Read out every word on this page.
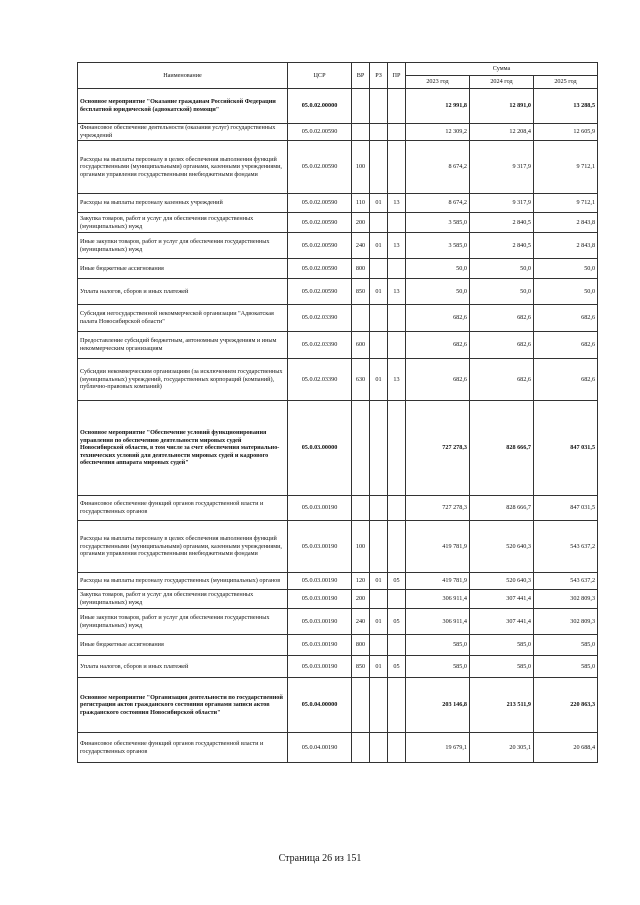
Наименование	ЦСР	ВР	РЗ	ПР	Сумма		
					2023 год	2024 год	2025 год
Основное мероприятие "Оказание гражданам Российской Федерации бесплатной юридической (адвокатской) помощи"	05.0.02.00000				12 991,8	12 891,0	13 288,5
Финансовое обеспечение деятельности (оказания услуг) государственных учреждений	05.0.02.00590				12 309,2	12 208,4	12 605,9
Расходы на выплаты персоналу в целях обеспечения выполнения функций государственными (муниципальными) органами, казенными учреждениями, органами управления государственными внебюджетными фондами	05.0.02.00590	100			8 674,2	9 317,9	9 712,1
Расходы на выплаты персоналу казенных учреждений	05.0.02.00590	110	01	13	8 674,2	9 317,9	9 712,1
Закупка товаров, работ и услуг для обеспечения государственных (муниципальных) нужд	05.0.02.00590	200			3 585,0	2 840,5	2 843,8
Иные закупки товаров, работ и услуг для обеспечения государственных (муниципальных) нужд	05.0.02.00590	240	01	13	3 585,0	2 840,5	2 843,8
Иные бюджетные ассигнования	05.0.02.00590	800			50,0	50,0	50,0
Уплата налогов, сборов и иных платежей	05.0.02.00590	850	01	13	50,0	50,0	50,0
Субсидия негосударственной некоммерческой организации "Адвокатская палата Новосибирской области"	05.0.02.03390				682,6	682,6	682,6
Предоставление субсидий бюджетным, автономным учреждениям и иным некоммерческим организациям	05.0.02.03390	600			682,6	682,6	682,6
Субсидии некоммерческим организациям (за исключением государственных (муниципальных) учреждений, государственных корпораций (компаний), публично-правовых компаний)	05.0.02.03390	630	01	13	682,6	682,6	682,6
Основное мероприятие "Обеспечение условий функционирования управления по обеспечению деятельности мировых судей Новосибирской области, в том числе за счет обеспечения материально-технических условий для деятельности мировых судей и кадрового обеспечения аппарата мировых судей"	05.0.03.00000				727 278,3	828 666,7	847 031,5
Финансовое обеспечение функций органов государственной власти и государственных органов	05.0.03.00190				727 278,3	828 666,7	847 031,5
Расходы на выплаты персоналу в целях обеспечения выполнения функций государственными (муниципальными) органами, казенными учреждениями, органами управления государственными внебюджетными фондами	05.0.03.00190	100			419 781,9	520 640,3	543 637,2
Расходы на выплаты персоналу государственных (муниципальных) органов	05.0.03.00190	120	01	05	419 781,9	520 640,3	543 637,2
Закупка товаров, работ и услуг для обеспечения государственных (муниципальных) нужд	05.0.03.00190	200			306 911,4	307 441,4	302 809,3
Иные закупки товаров, работ и услуг для обеспечения государственных (муниципальных) нужд	05.0.03.00190	240	01	05	306 911,4	307 441,4	302 809,3
Иные бюджетные ассигнования	05.0.03.00190	800			585,0	585,0	585,0
Уплата налогов, сборов и иных платежей	05.0.03.00190	850	01	05	585,0	585,0	585,0
Основное мероприятие "Организация деятельности по государственной регистрации актов гражданского состояния органами записи актов гражданского состояния Новосибирской области"	05.0.04.00000				203 146,8	213 511,9	220 863,3
Финансовое обеспечение функций органов государственной власти и государственных органов	05.0.04.00190				19 679,1	20 305,1	20 688,4
Страница 26 из 151
